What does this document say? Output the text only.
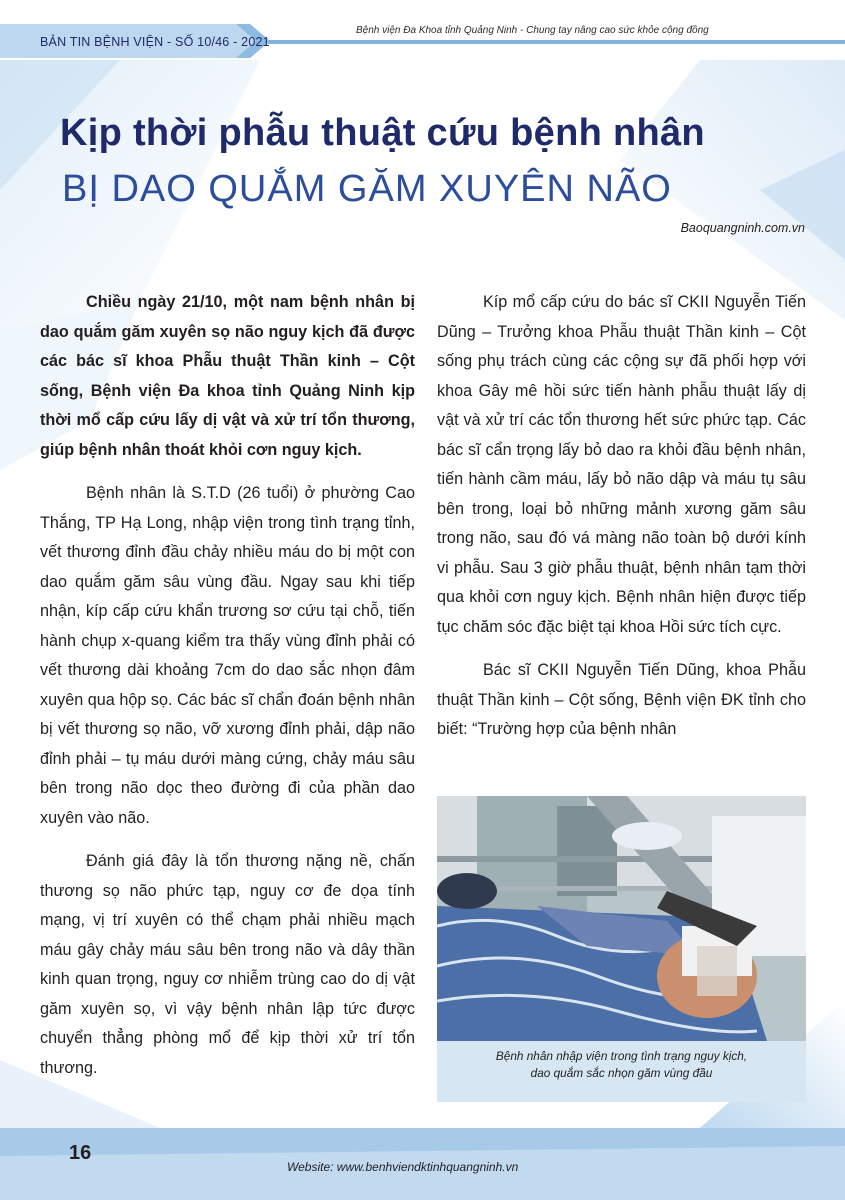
BẢN TIN BỆNH VIỆN - SỐ 10/46 - 2021
Bệnh viện Đa Khoa tỉnh Quảng Ninh - Chung tay nâng cao sức khỏe cộng đồng
Kịp thời phẫu thuật cứu bệnh nhân
BỊ DAO QUẮM GĂM XUYÊN NÃO
Baoquangninh.com.vn

Chiều ngày 21/10, một nam bệnh nhân bị dao quắm găm xuyên sọ não nguy kịch đã được các bác sĩ khoa Phẫu thuật Thần kinh – Cột sống, Bệnh viện Đa khoa tỉnh Quảng Ninh kịp thời mổ cấp cứu lấy dị vật và xử trí tổn thương, giúp bệnh nhân thoát khỏi cơn nguy kịch.

Bệnh nhân là S.T.D (26 tuổi) ở phường Cao Thắng, TP Hạ Long, nhập viện trong tình trạng tỉnh, vết thương đỉnh đầu chảy nhiều máu do bị một con dao quắm găm sâu vùng đầu. Ngay sau khi tiếp nhận, kíp cấp cứu khẩn trương sơ cứu tại chỗ, tiến hành chụp x-quang kiểm tra thấy vùng đỉnh phải có vết thương dài khoảng 7cm do dao sắc nhọn đâm xuyên qua hộp sọ. Các bác sĩ chẩn đoán bệnh nhân bị vết thương sọ não, vỡ xương đỉnh phải, dập não đỉnh phải – tụ máu dưới màng cứng, chảy máu sâu bên trong não dọc theo đường đi của phần dao xuyên vào não.

Đánh giá đây là tổn thương nặng nề, chấn thương sọ não phức tạp, nguy cơ đe dọa tính mạng, vị trí xuyên có thể chạm phải nhiều mạch máu gây chảy máu sâu bên trong não và dây thần kinh quan trọng, nguy cơ nhiễm trùng cao do dị vật găm xuyên sọ, vì vậy bệnh nhân lập tức được chuyển thẳng phòng mổ để kịp thời xử trí tổn thương.

Kíp mổ cấp cứu do bác sĩ CKII Nguyễn Tiến Dũng – Trưởng khoa Phẫu thuật Thần kinh – Cột sống phụ trách cùng các cộng sự đã phối hợp với khoa Gây mê hồi sức tiến hành phẫu thuật lấy dị vật và xử trí các tổn thương hết sức phức tạp. Các bác sĩ cẩn trọng lấy bỏ dao ra khỏi đầu bệnh nhân, tiến hành cầm máu, lấy bỏ não dập và máu tụ sâu bên trong, loại bỏ những mảnh xương găm sâu trong não, sau đó vá màng não toàn bộ dưới kính vi phẫu. Sau 3 giờ phẫu thuật, bệnh nhân tạm thời qua khỏi cơn nguy kịch. Bệnh nhân hiện được tiếp tục chăm sóc đặc biệt tại khoa Hồi sức tích cực.

Bác sĩ CKII Nguyễn Tiến Dũng, khoa Phẫu thuật Thần kinh – Cột sống, Bệnh viện ĐK tỉnh cho biết: “Trường hợp của bệnh nhân

Bệnh nhân nhập viện trong tình trạng nguy kịch,
dao quắm sắc nhọn găm vùng đầu
16
Website: www.benhviendktinhquangninh.vn
